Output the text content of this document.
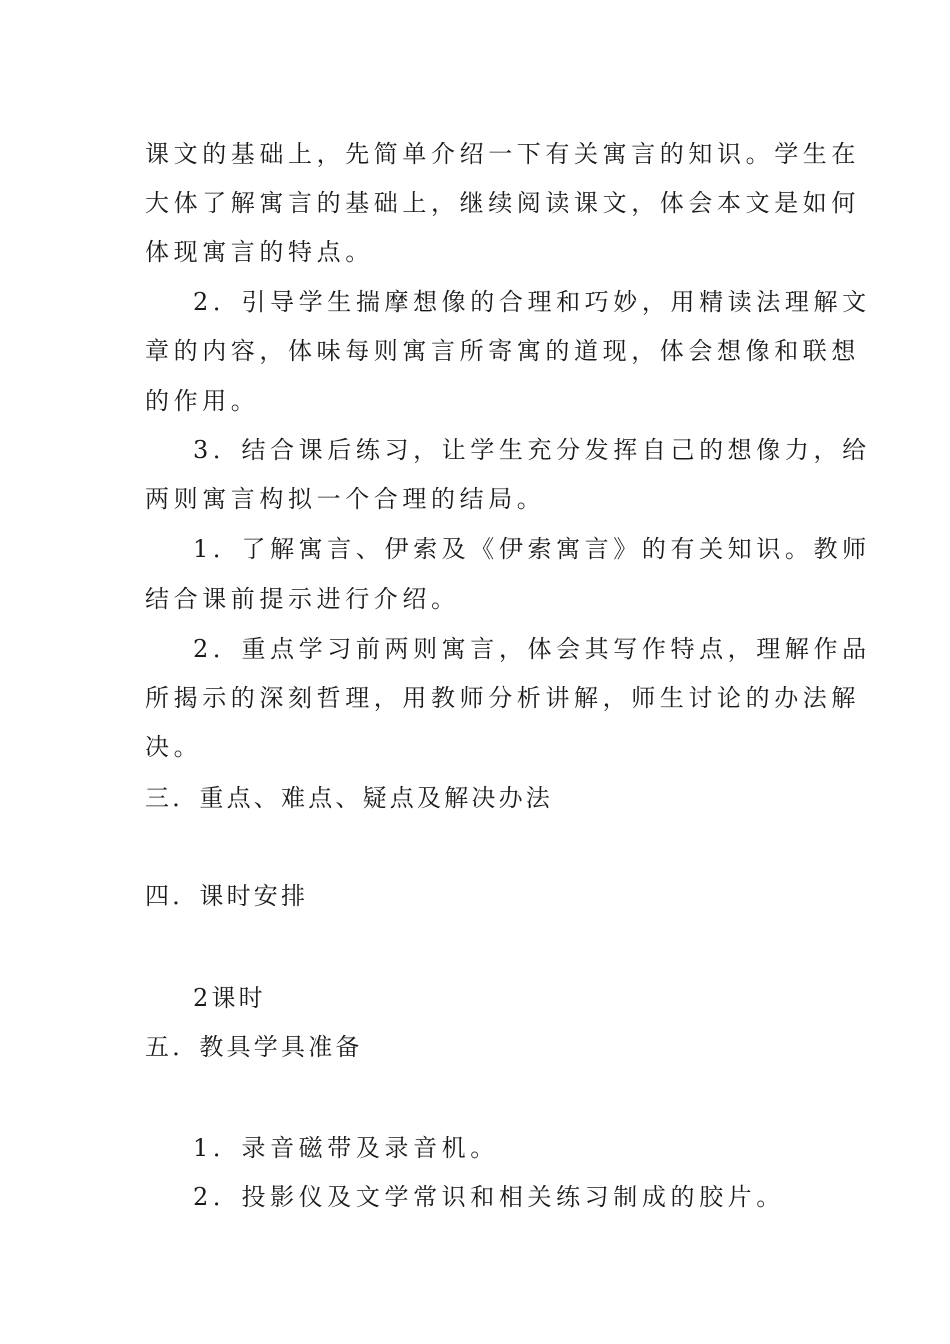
课文的基础上，先简单介绍一下有关寓言的知识。学生在
大体了解寓言的基础上，继续阅读课文，体会本文是如何
体现寓言的特点。
2．引导学生揣摩想像的合理和巧妙，用精读法理解文
章的内容，体味每则寓言所寄寓的道现，体会想像和联想
的作用。
3．结合课后练习，让学生充分发挥自己的想像力，给
两则寓言构拟一个合理的结局。
1．了解寓言、伊索及《伊索寓言》的有关知识。教师
结合课前提示进行介绍。
2．重点学习前两则寓言，体会其写作特点，理解作品
所揭示的深刻哲理，用教师分析讲解，师生讨论的办法解
决。
三．重点、难点、疑点及解决办法
四．课时安排
2课时
五．教具学具准备
1．录音磁带及录音机。
2．投影仪及文学常识和相关练习制成的胶片。
